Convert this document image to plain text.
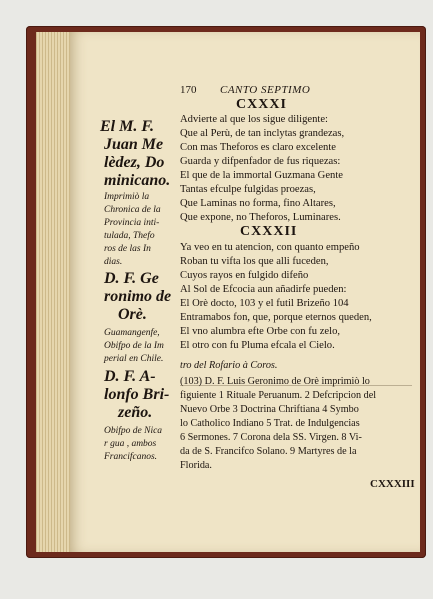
170 CANTO SEPTIMO
CXXXI
Advierte al que los sigue diligente:
Que al Perù, de tan inclytas grandezas,
Con mas Theforos es claro excelente
Guarda y difpenfador de fus riquezas:
El que de la immortal Guzmana Gente
Tantas efculpe fulgidas proezas,
Que Laminas no forma, fino Altares,
Que expone, no Theforos, Luminares.
CXXXII
Ya veo en tu atencion, con quanto empeño
Roban tu vifta los que alli fuceden,
Cuyos rayos en fulgido difeño
Al Sol de Efcocia aun añadirfe pueden:
El Orè docto, 103 y el futil Brizeño 104
Entramabos fon, que, porque eternos queden,
El vno alumbra efte Orbe con fu zelo,
El otro con fu Pluma efcala el Cielo.
tro del Rofario à Coros.
(103) D. F. Luis Geronimo de Orè imprimiò lo
figuiente 1 Rituale Peruanum. 2 Defcripcion del
Nuevo Orbe 3 Doctrina Chriftiana 4 Symbo
lo Catholico Indiano 5 Trat. de Indulgencias
6 Sermones. 7 Corona dela SS. Virgen. 8 Vi-
da de S. Francifco Solano. 9 Martyres de la
Florida.
CXXXIII
El M. F.
Juan Me
lèdez, Do
minicano.
Imprimiò la
Chronica de la
Provincia inti-
tulada, Thefo
ros de las In
dias.
D. F. Ge
ronimo de
Orè.
Guamangenfe,
Obifpo de la Im
perial en Chile.
D. F. A-
lonfo Bri-
zeño.
Obifpo de Nica
r gua , ambos
Francifcanos.
